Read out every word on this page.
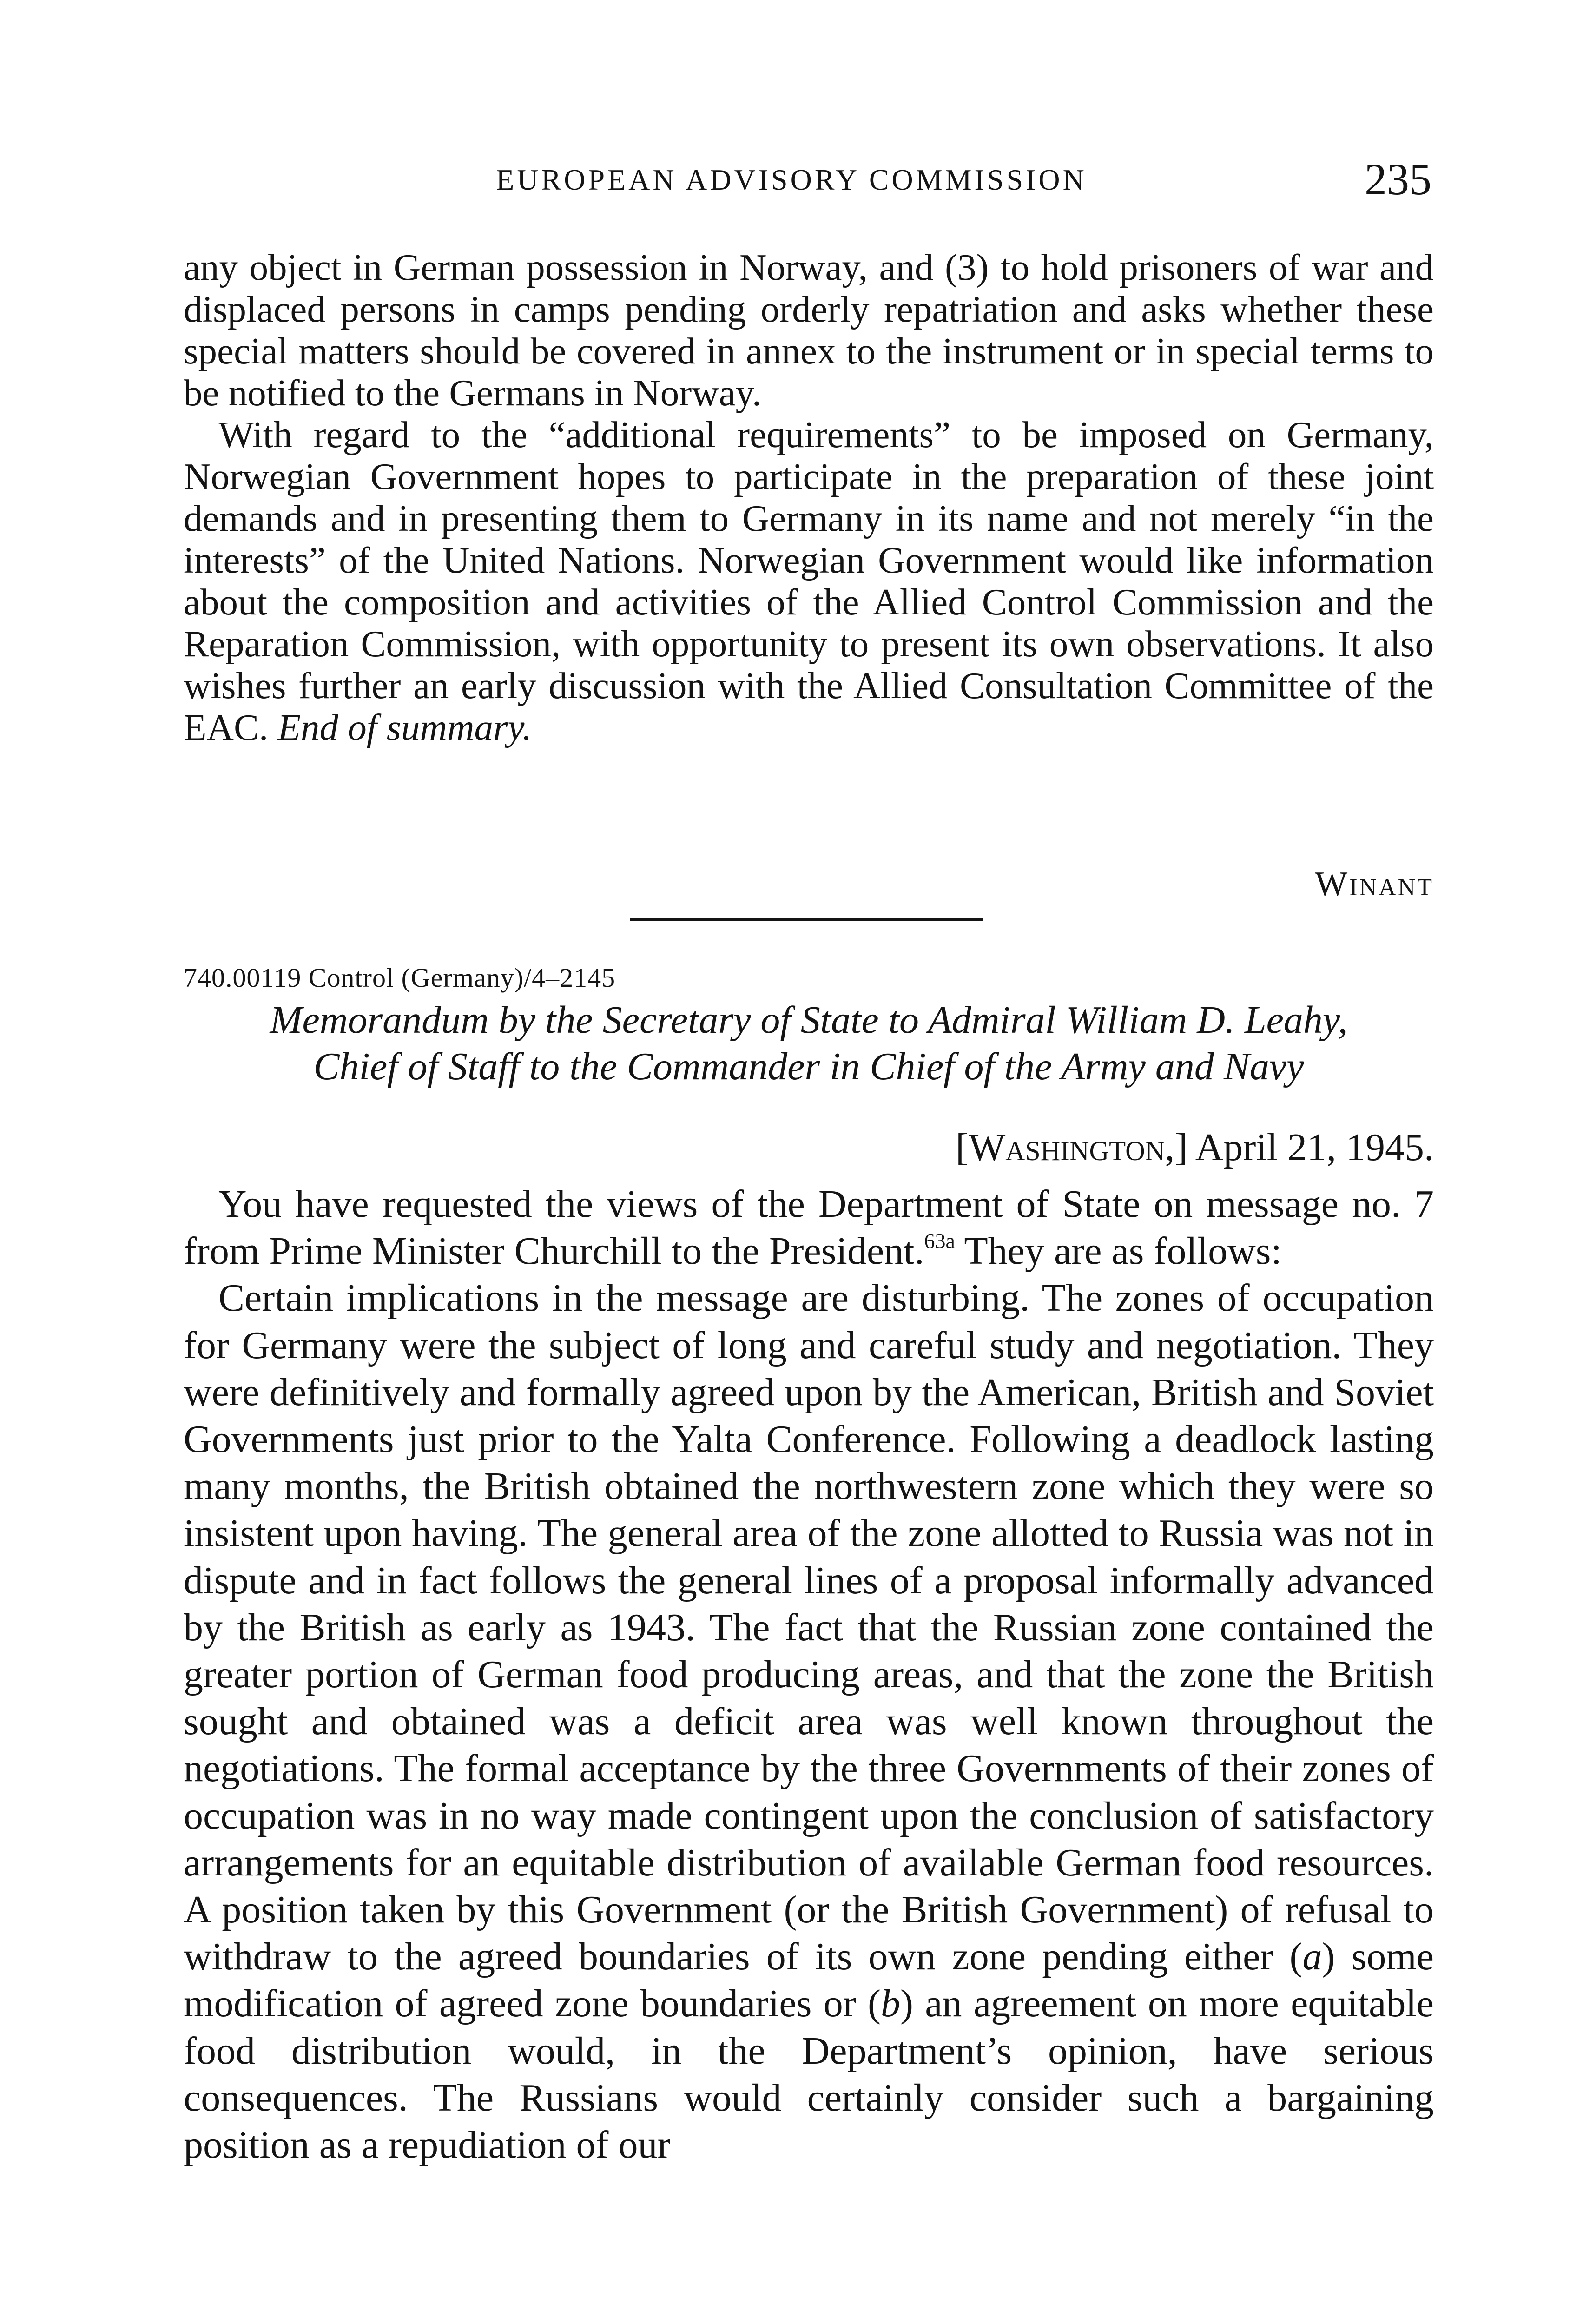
EUROPEAN ADVISORY COMMISSION	235

any object in German possession in Norway, and (3) to hold prisoners of war and displaced persons in camps pending orderly repatriation and asks whether these special matters should be covered in annex to the instrument or in special terms to be notified to the Germans in Norway.

With regard to the “additional requirements” to be imposed on Germany, Norwegian Government hopes to participate in the preparation of these joint demands and in presenting them to Germany in its name and not merely “in the interests” of the United Nations. Norwegian Government would like information about the composition and activities of the Allied Control Commission and the Reparation Commission, with opportunity to present its own observations. It also wishes further an early discussion with the Allied Consultation Committee of the EAC. End of summary.

Winant
740.00119 Control (Germany)/4–2145
Memorandum by the Secretary of State to Admiral William D. Leahy,
Chief of Staff to the Commander in Chief of the Army and Navy
[Washington,] April 21, 1945.

You have requested the views of the Department of State on message no. 7 from Prime Minister Churchill to the President.$^{63a}$ They are as follows:

Certain implications in the message are disturbing. The zones of occupation for Germany were the subject of long and careful study and negotiation. They were definitively and formally agreed upon by the American, British and Soviet Governments just prior to the Yalta Conference. Following a deadlock lasting many months, the British obtained the northwestern zone which they were so insistent upon having. The general area of the zone allotted to Russia was not in dispute and in fact follows the general lines of a proposal informally advanced by the British as early as 1943. The fact that the Russian zone contained the greater portion of German food producing areas, and that the zone the British sought and obtained was a deficit area was well known throughout the negotiations. The formal acceptance by the three Governments of their zones of occupation was in no way made contingent upon the conclusion of satisfactory arrangements for an equitable distribution of available German food resources. A position taken by this Government (or the British Government) of refusal to withdraw to the agreed boundaries of its own zone pending either (a) some modification of agreed zone boundaries or (b) an agreement on more equitable food distribution would, in the Department’s opinion, have serious consequences. The Russians would certainly consider such a bargaining position as a repudiation of our
